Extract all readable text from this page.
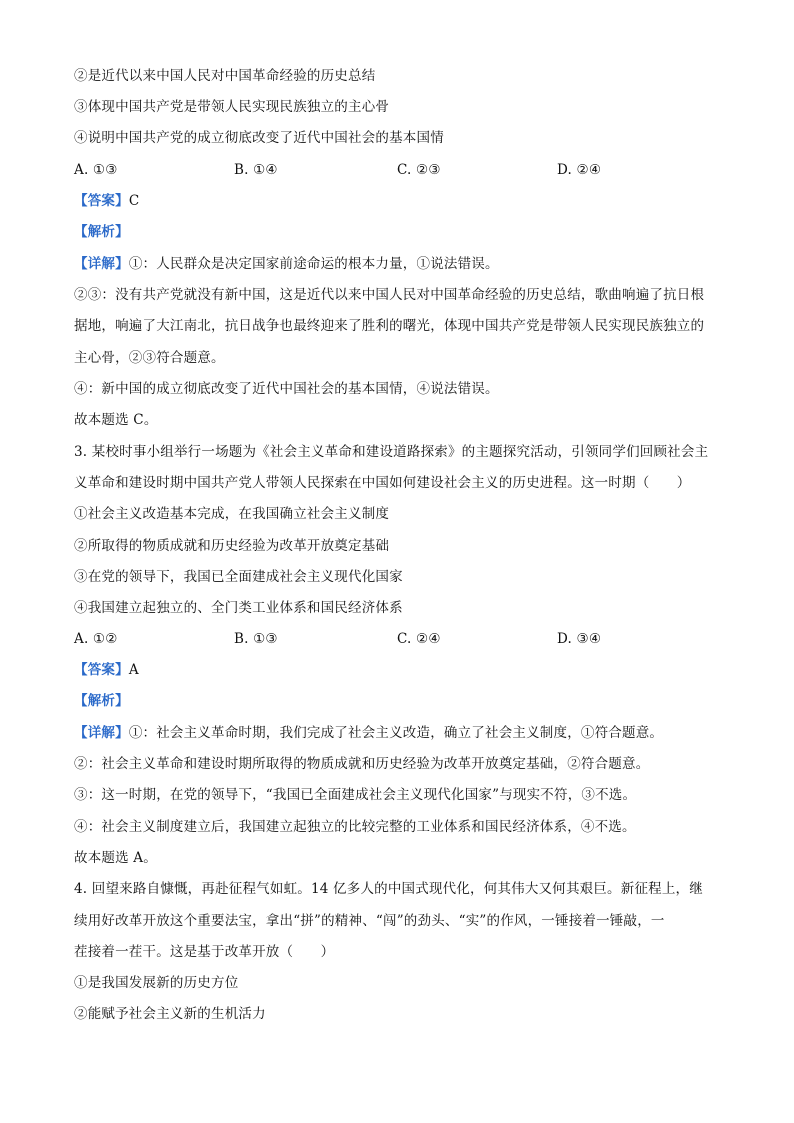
②是近代以来中国人民对中国革命经验的历史总结
③体现中国共产党是带领人民实现民族独立的主心骨
④说明中国共产党的成立彻底改变了近代中国社会的基本国情
A. ①③	B. ①④	C. ②③	D. ②④
【答案】C
【解析】
【详解】①：人民群众是决定国家前途命运的根本力量，①说法错误。
②③：没有共产党就没有新中国，这是近代以来中国人民对中国革命经验的历史总结，歌曲响遍了抗日根
据地，响遍了大江南北，抗日战争也最终迎来了胜利的曙光，体现中国共产党是带领人民实现民族独立的
主心骨，②③符合题意。
④：新中国的成立彻底改变了近代中国社会的基本国情，④说法错误。
故本题选 C。
3. 某校时事小组举行一场题为《社会主义革命和建设道路探索》的主题探究活动，引领同学们回顾社会主
义革命和建设时期中国共产党人带领人民探索在中国如何建设社会主义的历史进程。这一时期（　　）
①社会主义改造基本完成，在我国确立社会主义制度
②所取得的物质成就和历史经验为改革开放奠定基础
③在党的领导下，我国已全面建成社会主义现代化国家
④我国建立起独立的、全门类工业体系和国民经济体系
A. ①②	B. ①③	C. ②④	D. ③④
【答案】A
【解析】
【详解】①：社会主义革命时期，我们完成了社会主义改造，确立了社会主义制度，①符合题意。
②：社会主义革命和建设时期所取得的物质成就和历史经验为改革开放奠定基础，②符合题意。
③：这一时期，在党的领导下，“我国已全面建成社会主义现代化国家”与现实不符，③不选。
④：社会主义制度建立后，我国建立起独立的比较完整的工业体系和国民经济体系，④不选。
故本题选 A。
4. 回望来路自慷慨，再赴征程气如虹。14 亿多人的中国式现代化，何其伟大又何其艰巨。新征程上，继
续用好改革开放这个重要法宝，拿出“拼”的精神、“闯”的劲头、“实”的作风，一锤接着一锤敲，一
茬接着一茬干。这是基于改革开放（　　）
①是我国发展新的历史方位
②能赋予社会主义新的生机活力
